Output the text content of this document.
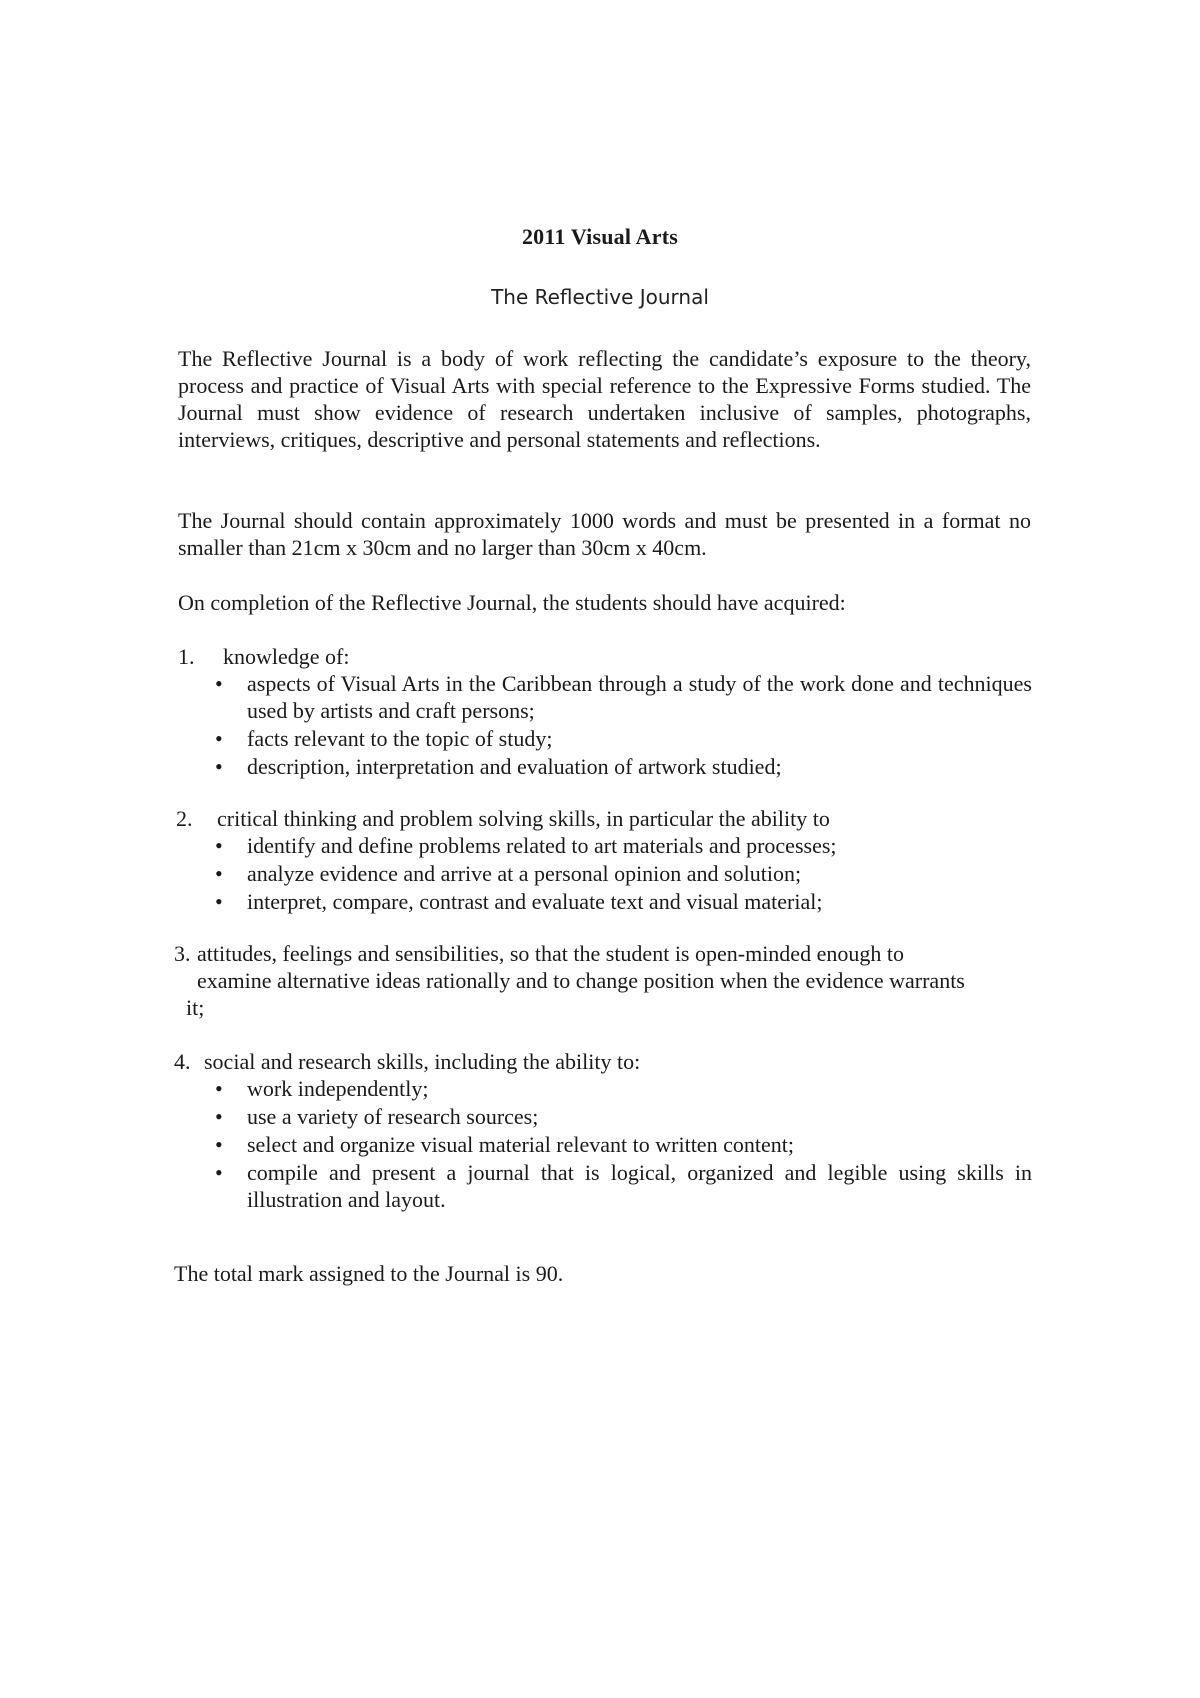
2011 Visual Arts
The Reflective Journal
The Reflective Journal is a body of work reflecting the candidate’s exposure to the theory, process and practice of Visual Arts with special reference to the Expressive Forms studied. The Journal must show evidence of research undertaken inclusive of samples, photographs, interviews, critiques, descriptive and personal statements and reflections.
The Journal should contain approximately 1000 words and must be presented in a format no smaller than 21cm x 30cm and no larger than 30cm x 40cm.
On completion of the Reflective Journal, the students should have acquired:
1. knowledge of:
• aspects of Visual Arts in the Caribbean through a study of the work done and techniques used by artists and craft persons;
• facts relevant to the topic of study;
• description, interpretation and evaluation of artwork studied;
2. critical thinking and problem solving skills, in particular the ability to
• identify and define problems related to art materials and processes;
• analyze evidence and arrive at a personal opinion and solution;
• interpret, compare, contrast and evaluate text and visual material;
3. attitudes, feelings and sensibilities, so that the student is open-minded enough to
examine alternative ideas rationally and to change position when the evidence warrants
it;
4. social and research skills, including the ability to:
• work independently;
• use a variety of research sources;
• select and organize visual material relevant to written content;
• compile and present a journal that is logical, organized and legible using skills in illustration and layout.
The total mark assigned to the Journal is 90.
